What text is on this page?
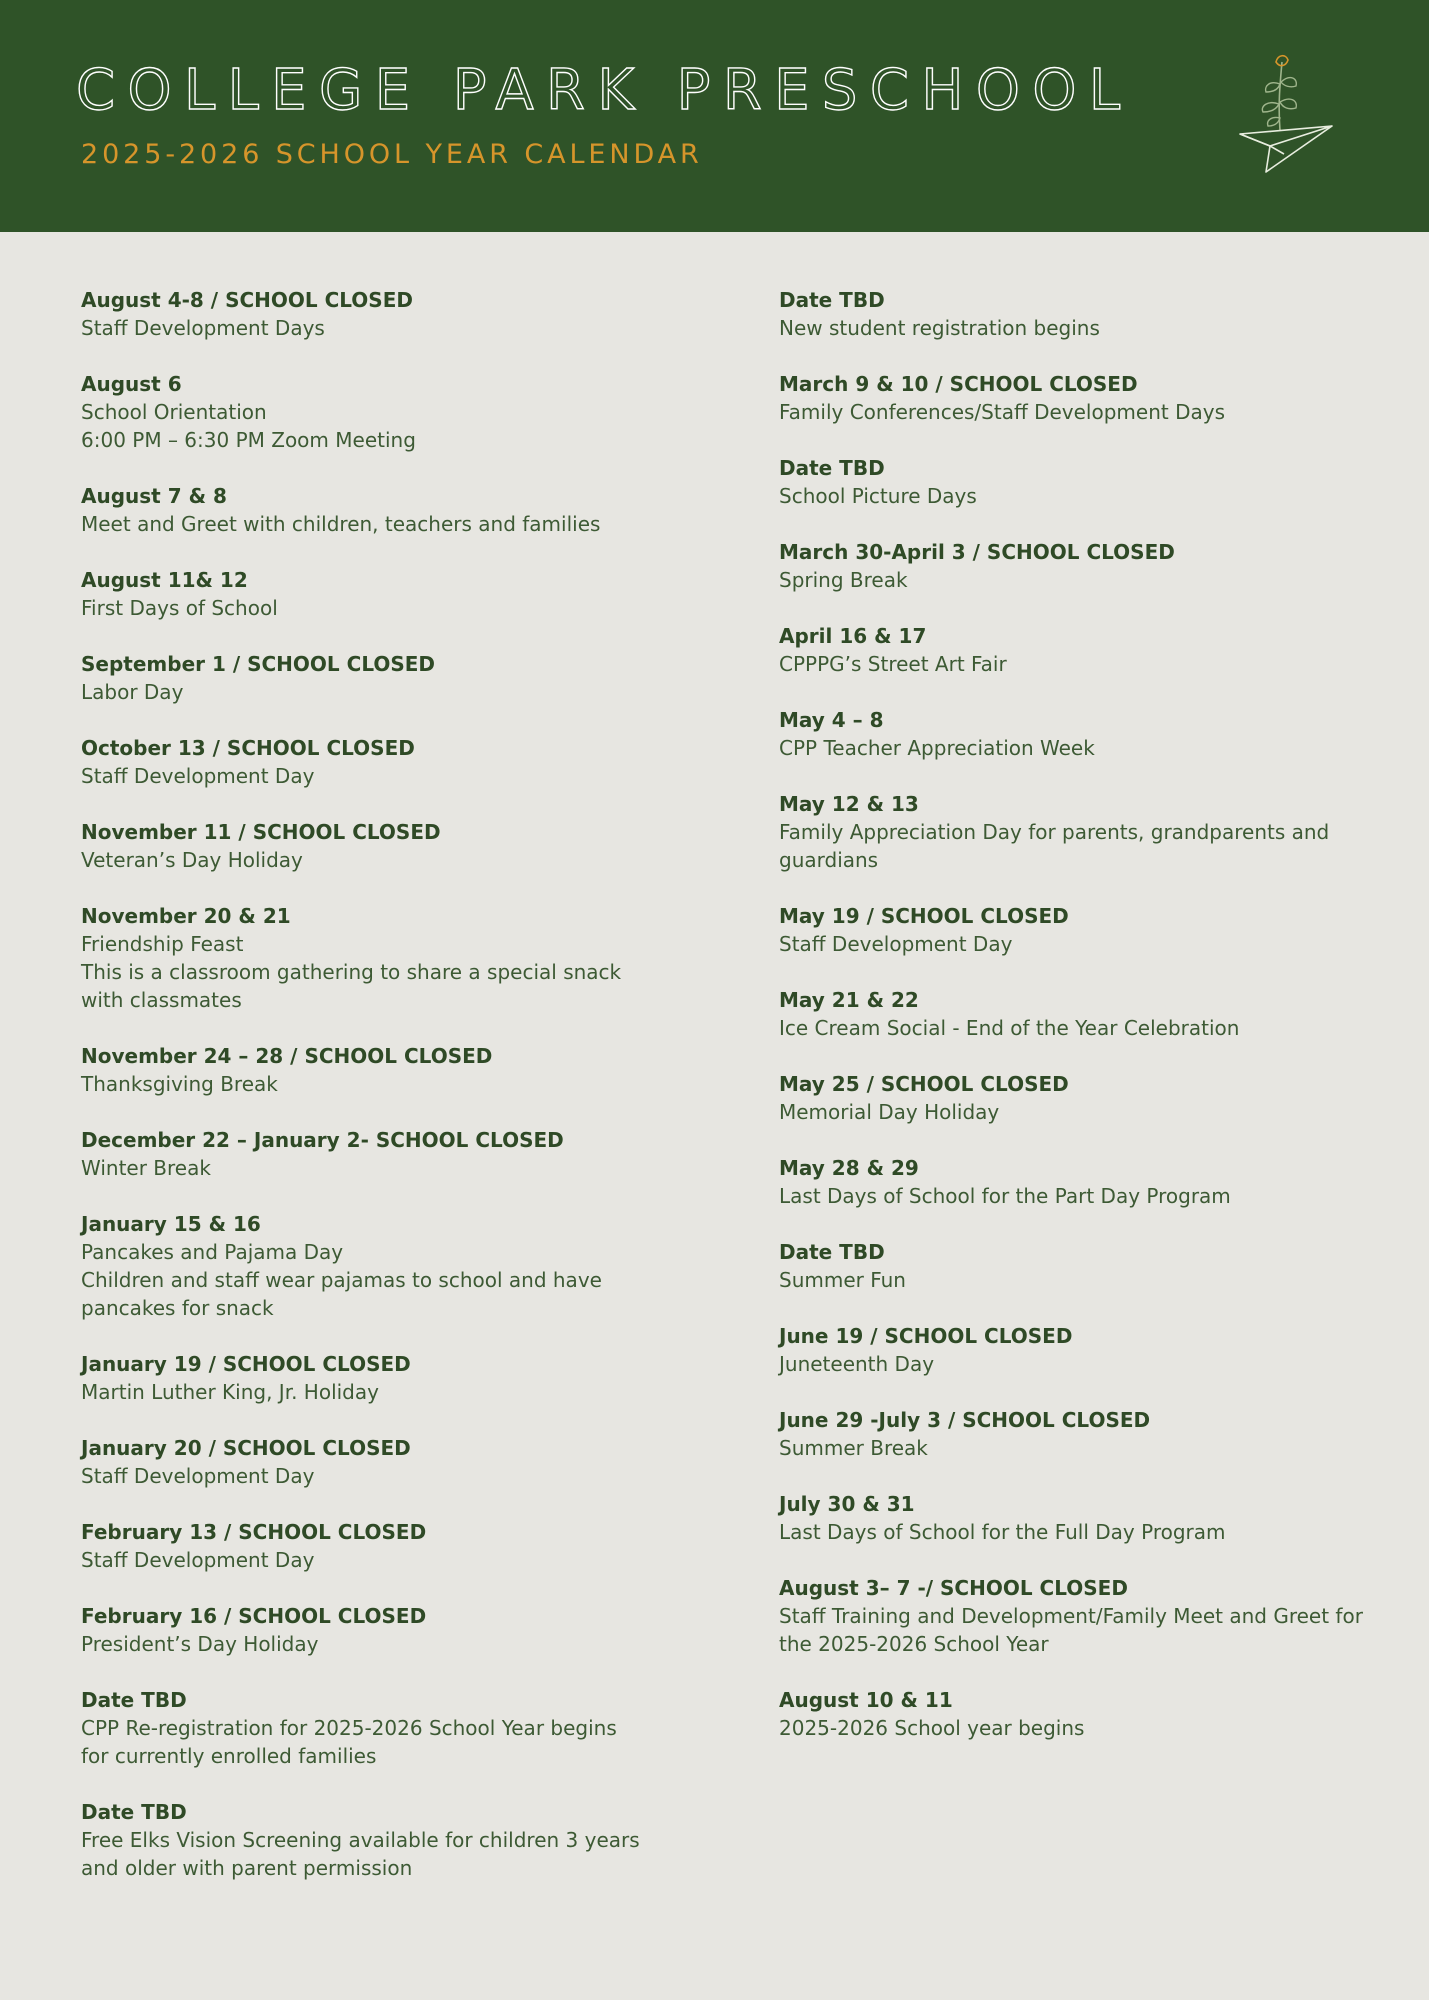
COLLEGE PARK PRESCHOOL
2025-2026 SCHOOL YEAR CALENDAR
August 4-8 / SCHOOL CLOSED
Staff Development Days
August 6
School Orientation
6:00 PM – 6:30 PM Zoom Meeting
August 7 & 8
Meet and Greet with children, teachers and families
August 11& 12
First Days of School
September 1 / SCHOOL CLOSED
Labor Day
October 13 / SCHOOL CLOSED
Staff Development Day
November 11 / SCHOOL CLOSED
Veteran’s Day Holiday
November 20 & 21
Friendship Feast
This is a classroom gathering to share a special snack
with classmates
November 24 – 28 / SCHOOL CLOSED
Thanksgiving Break
December 22 – January 2- SCHOOL CLOSED
Winter Break
January 15 & 16
Pancakes and Pajama Day
Children and staff wear pajamas to school and have
pancakes for snack
January 19 / SCHOOL CLOSED
Martin Luther King, Jr. Holiday
January 20 / SCHOOL CLOSED
Staff Development Day
February 13 / SCHOOL CLOSED
Staff Development Day
February 16 / SCHOOL CLOSED
President’s Day Holiday
Date TBD
CPP Re-registration for 2025-2026 School Year begins
for currently enrolled families
Date TBD
Free Elks Vision Screening available for children 3 years
and older with parent permission
Date TBD
New student registration begins
March 9 & 10 / SCHOOL CLOSED
Family Conferences/Staff Development Days
Date TBD
School Picture Days
March 30-April 3 / SCHOOL CLOSED
Spring Break
April 16 & 17
CPPPG’s Street Art Fair
May 4 – 8
CPP Teacher Appreciation Week
May 12 & 13
Family Appreciation Day for parents, grandparents and
guardians
May 19 / SCHOOL CLOSED
Staff Development Day
May 21 & 22
Ice Cream Social - End of the Year Celebration
May 25 / SCHOOL CLOSED
Memorial Day Holiday
May 28 & 29
Last Days of School for the Part Day Program
Date TBD
Summer Fun
June 19 / SCHOOL CLOSED
Juneteenth Day
June 29 -July 3 / SCHOOL CLOSED
Summer Break
July 30 & 31
Last Days of School for the Full Day Program
August 3– 7 -/ SCHOOL CLOSED
Staff Training and Development/Family Meet and Greet for
the 2025-2026 School Year
August 10 & 11
2025-2026 School year begins
